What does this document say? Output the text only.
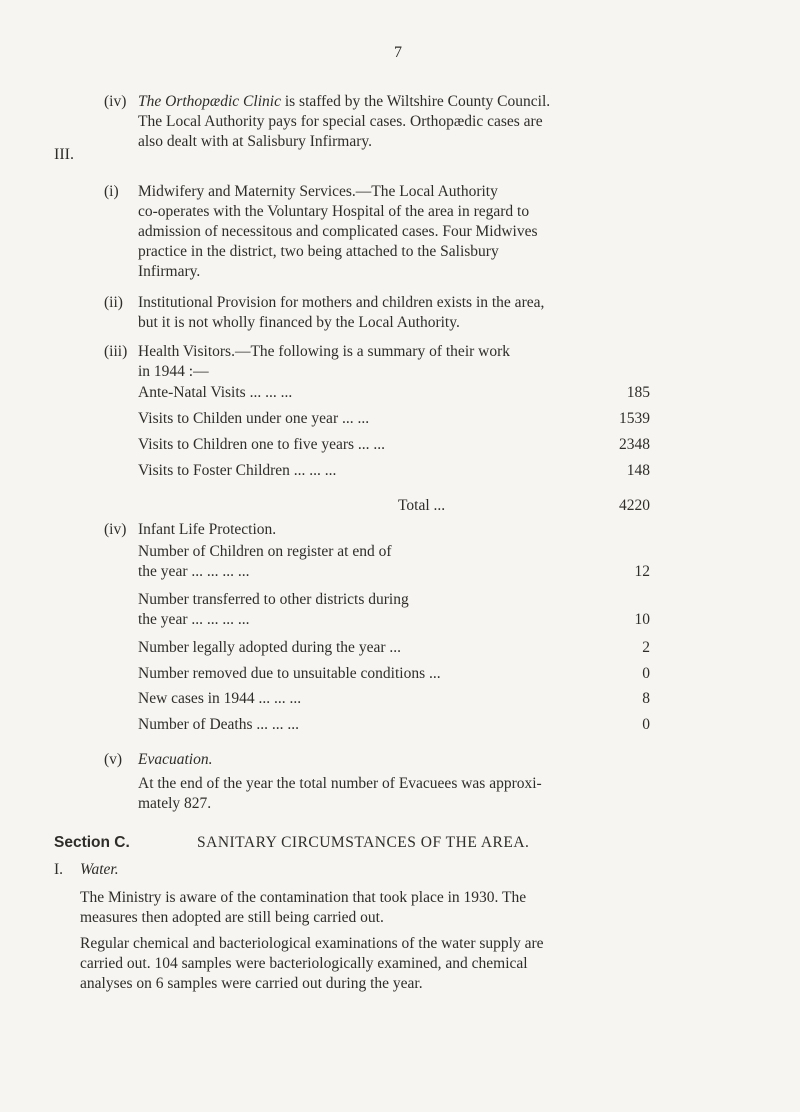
7
(iv) The Orthopædic Clinic is staffed by the Wiltshire County Council.
The Local Authority pays for special cases. Orthopædic cases are
also dealt with at Salisbury Infirmary.
III.
(i) Midwifery and Maternity Services.—The Local Authority
co-operates with the Voluntary Hospital of the area in regard to
admission of necessitous and complicated cases. Four Midwives
practice in the district, two being attached to the Salisbury
Infirmary.
(ii) Institutional Provision for mothers and children exists in the area,
but it is not wholly financed by the Local Authority.
(iii) Health Visitors.—The following is a summary of their work
in 1944 :—
Ante-Natal Visits ... ... ...	185
Visits to Childen under one year ... ...	1539
Visits to Children one to five years ... ...	2348
Visits to Foster Children ... ... ...	148
Total ...	4220
(iv) Infant Life Protection.
Number of Children on register at end of
the year ... ... ... ...	12
Number transferred to other districts during
the year ... ... ... ...	10
Number legally adopted during the year ...	2
Number removed due to unsuitable conditions ...	0
New cases in 1944 ... ... ...	8
Number of Deaths ... ... ...	0
(v) Evacuation.
At the end of the year the total number of Evacuees was approxi-
mately 827.
Section C.	SANITARY CIRCUMSTANCES OF THE AREA.
I. Water.
The Ministry is aware of the contamination that took place in 1930. The
measures then adopted are still being carried out.
Regular chemical and bacteriological examinations of the water supply are
carried out. 104 samples were bacteriologically examined, and chemical
analyses on 6 samples were carried out during the year.
